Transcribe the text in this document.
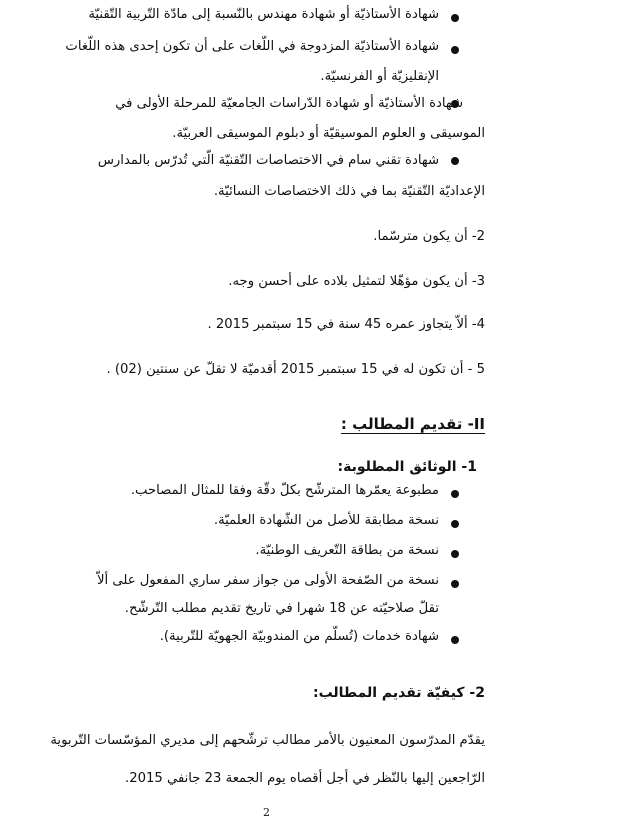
شهادة الأستاذيّة أو شهادة مهندس بالنّسبة إلى مادّة التّربية التّقنيّة
شهادة الأستاذيّة المزدوجة في اللّغات على أن تكون إحدى هذه اللّغات
الإنقليزيّة أو الفرنسيّة.
شهادة الأستاذيّة أو شهادة الدّراسات الجامعيّة للمرحلة الأولى في
الموسيقى و العلوم الموسيقيّة أو دبلوم الموسيقى العربيّة.
شهادة تقني سام في الاختصاصات التّقنيّة الّتي تُدرّس بالمدارس
الإعداديّة التّقنيّة بما في ذلك الاختصاصات النسائيّة.
2- أن يكون مترسّما.
3- أن يكون مؤهّلا لتمثيل بلاده على أحسن وجه.
4- ألاّ يتجاوز عمره 45 سنة في 15 سبتمبر 2015 .
5 - أن تكون له في 15 سبتمبر 2015 أقدميّة لا تقلّ عن سنتين (02) .
II- تقديم المطالب :
1- الوثائق المطلوبة:
مطبوعة يعمّرها المترشّح بكلّ دقّة وفقا للمثال المصاحب.
نسخة مطابقة للأصل من الشّهادة العلميّة.
نسخة من بطاقة التّعريف الوطنيّة.
نسخة من الصّفحة الأولى من جواز سفر ساري المفعول على ألاّ
تقلّ صلاحيّته عن 18 شهرا في تاريخ تقديم مطلب التّرشّح.
شهادة خدمات (تُسلّم من المندوبيّة الجهويّة للتّربية).
2- كيفيّة تقديم المطالب:
يقدّم المدرّسون المعنيون بالأمر مطالب ترشّحهم إلى مديري المؤسّسات التّربوية
الرّاجعين إليها بالنّظر في أجل أقصاه يوم الجمعة 23 جانفي 2015.
2
